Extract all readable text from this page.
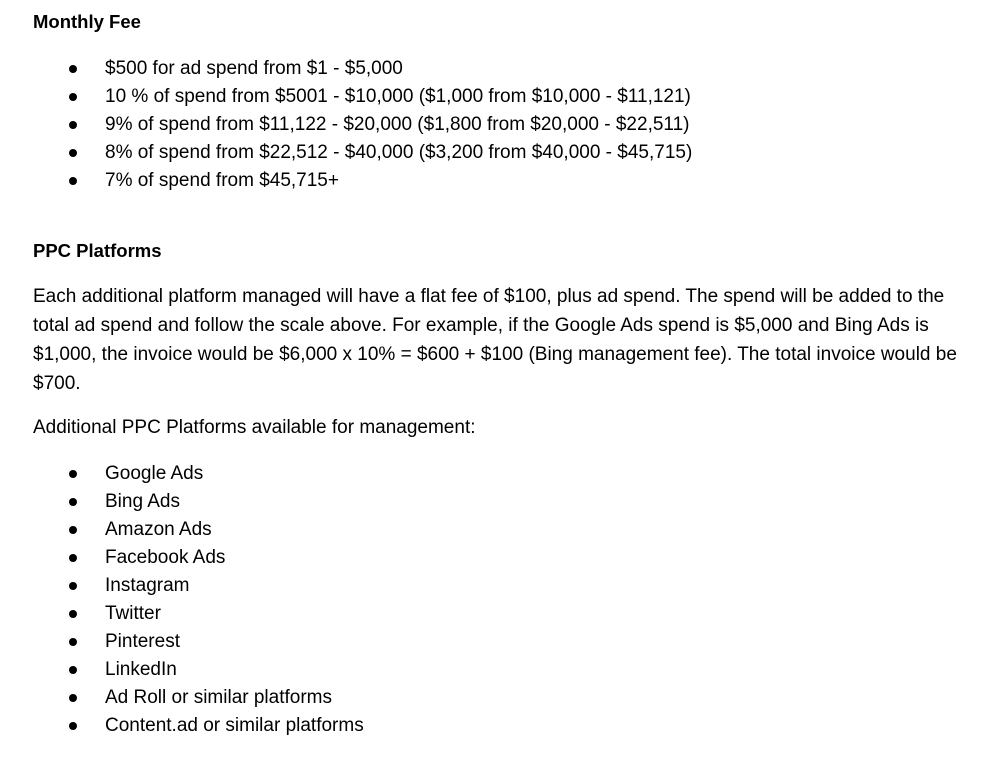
Monthly Fee
$500 for ad spend from $1 - $5,000
10 % of spend from $5001 - $10,000 ($1,000 from $10,000 - $11,121)
9% of spend from $11,122 - $20,000 ($1,800 from $20,000 - $22,511)
8% of spend from $22,512 - $40,000 ($3,200 from $40,000 - $45,715)
7% of spend from $45,715+
PPC Platforms

Each additional platform managed will have a flat fee of $100, plus ad spend. The spend will be added to the total ad spend and follow the scale above. For example, if the Google Ads spend is $5,000 and Bing Ads is $1,000, the invoice would be $6,000 x 10% = $600 + $100 (Bing management fee). The total invoice would be $700.

Additional PPC Platforms available for management:

Google Ads
Bing Ads
Amazon Ads
Facebook Ads
Instagram
Twitter
Pinterest
LinkedIn
Ad Roll or similar platforms
Content.ad or similar platforms
